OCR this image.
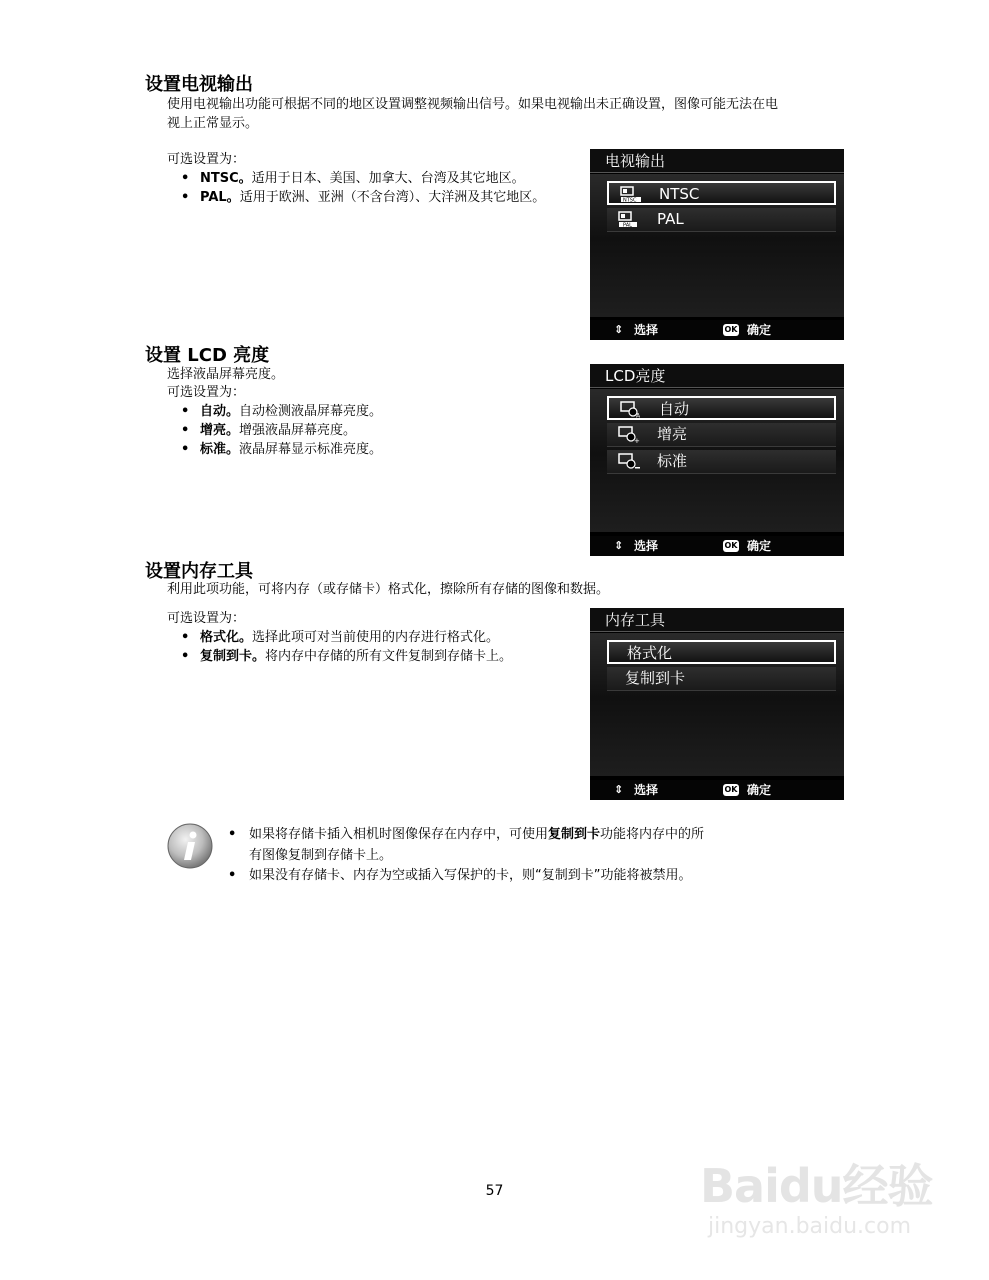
设置电视输出

使用电视输出功能可根据不同的地区设置调整视频输出信号。如果电视输出未正确设置，图像可能无法在电

视上正常显示。

可选设置为：

• NTSC。适用于日本、美国、加拿大、台湾及其它地区。
• PAL。适用于欧洲、亚洲（不含台湾）、大洋洲及其它地区。
电视输出
NTSC NTSC
PAL PAL
⇕ 选择	OK 确定
设置 LCD 亮度

选择液晶屏幕亮度。

可选设置为：

• 自动。自动检测液晶屏幕亮度。
• 增亮。增强液晶屏幕亮度。
• 标准。液晶屏幕显示标准亮度。
LCD亮度
A 自动
+ 增亮
标准
⇕ 选择	OK 确定
设置内存工具

利用此项功能，可将内存（或存储卡）格式化，擦除所有存储的图像和数据。

可选设置为：

• 格式化。选择此项可对当前使用的内存进行格式化。
• 复制到卡。将内存中存储的所有文件复制到存储卡上。
内存工具
格式化
复制到卡
⇕ 选择	OK 确定
• 如果将存储卡插入相机时图像保存在内存中，可使用复制到卡功能将内存中的所
有图像复制到存储卡上。
• 如果没有存储卡、内存为空或插入写保护的卡，则“复制到卡”功能将被禁用。
57	Baidu经验
jingyan.baidu.com
